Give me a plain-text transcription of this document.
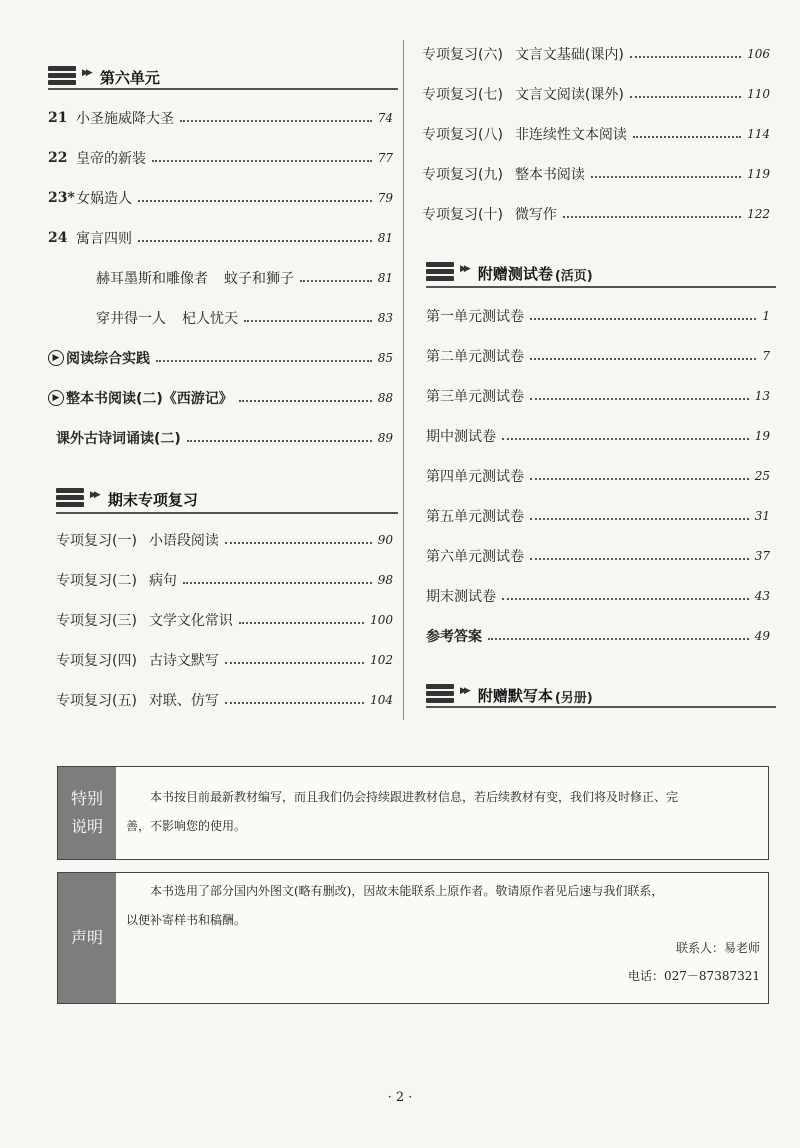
▶▶ 第六单元
21 小圣施威降大圣	74
22 皇帝的新装	77
23* 女娲造人	79
24 寓言四则	81
赫耳墨斯和雕像者 蚊子和狮子	81
穿井得一人 杞人忧天	83
▶ 阅读综合实践	85
▶ 整本书阅读(二)《西游记》	88
课外古诗词诵读(二)	89
▶▶ 期末专项复习
专项复习(一) 小语段阅读	90
专项复习(二) 病句	98
专项复习(三) 文学文化常识	100
专项复习(四) 古诗文默写	102
专项复习(五) 对联、仿写	104
专项复习(六) 文言文基础(课内)	106
专项复习(七) 文言文阅读(课外)	110
专项复习(八) 非连续性文本阅读	114
专项复习(九) 整本书阅读	119
专项复习(十) 微写作	122
▶▶ 附赠测试卷 (活页)
第一单元测试卷	1
第二单元测试卷	7
第三单元测试卷	13
期中测试卷	19
第四单元测试卷	25
第五单元测试卷	31
第六单元测试卷	37
期末测试卷	43
参考答案	49
▶▶ 附赠默写本 (另册)
特别
说明
本书按目前最新教材编写，而且我们仍会持续跟进教材信息，若后续教材有变，我们将及时修正、完
善，不影响您的使用。
声明
本书选用了部分国内外图文(略有删改)，因故未能联系上原作者。敬请原作者见后速与我们联系，
以便补寄样书和稿酬。
联系人：易老师
电话：027－87387321
· 2 ·
